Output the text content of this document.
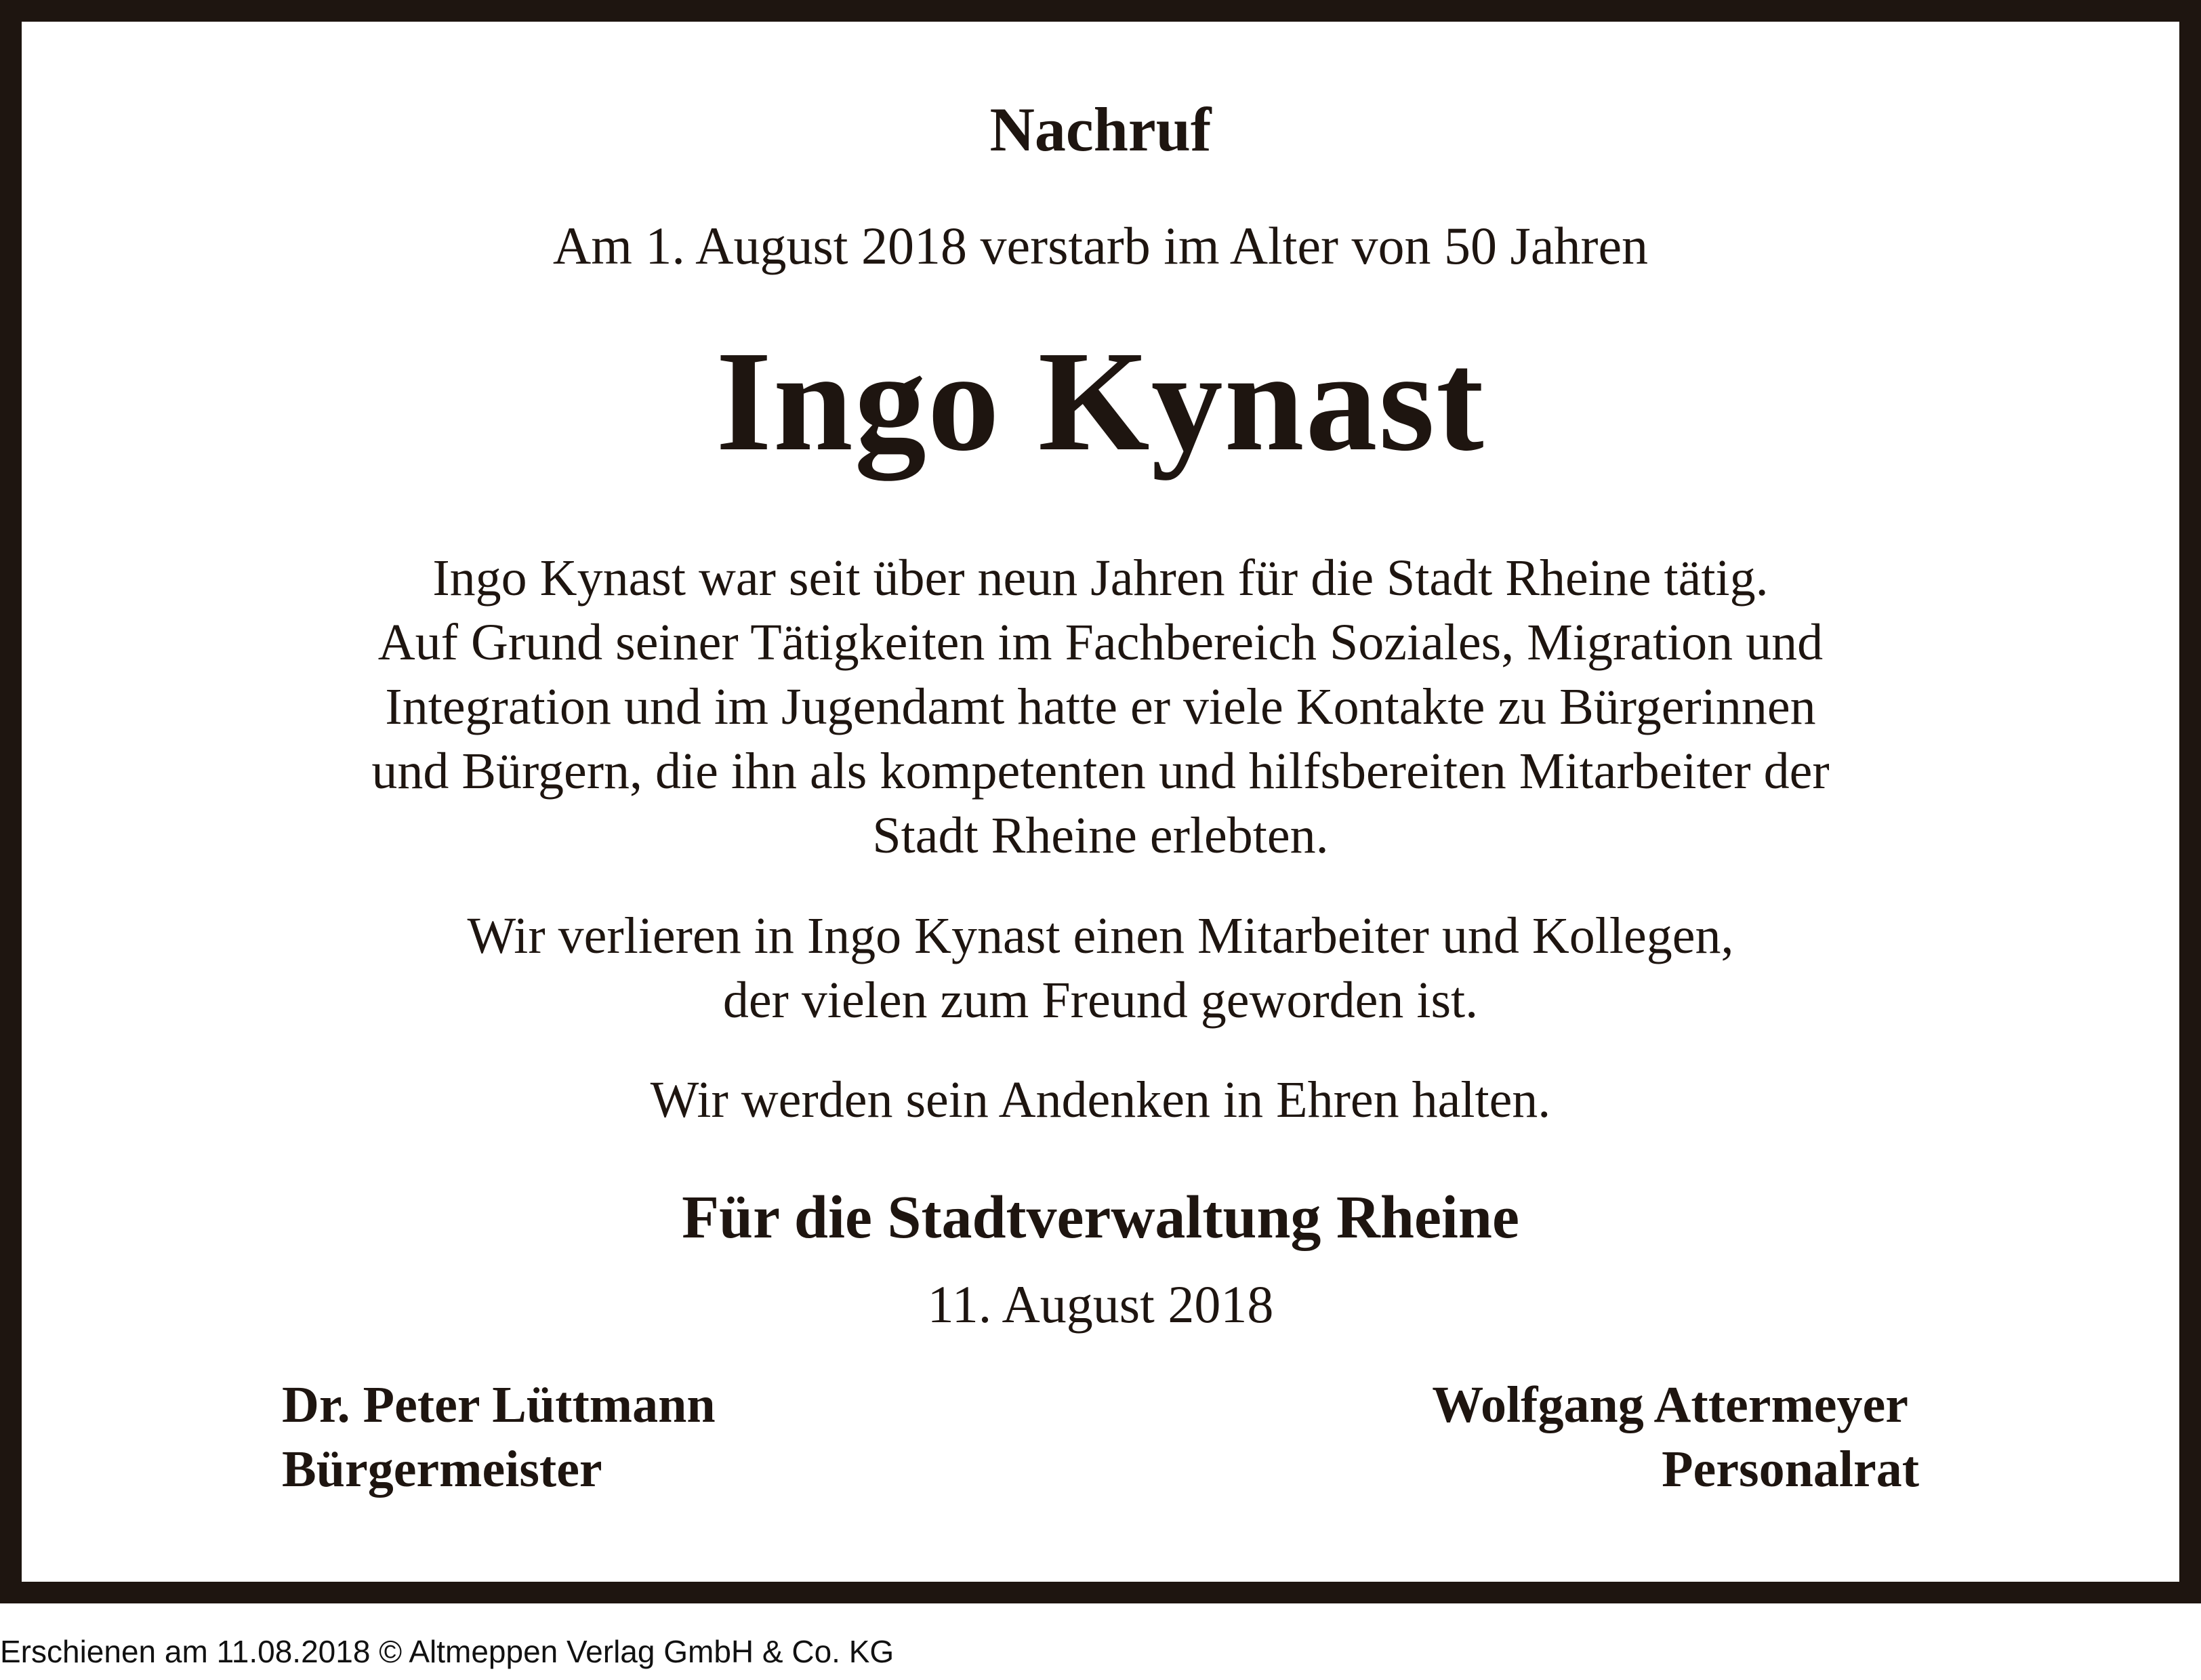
Nachruf

Am 1. August 2018 verstarb im Alter von 50 Jahren

Ingo Kynast

Ingo Kynast war seit über neun Jahren für die Stadt Rheine tätig.

Auf Grund seiner Tätigkeiten im Fachbereich Soziales, Migration und

Integration und im Jugendamt hatte er viele Kontakte zu Bürgerinnen

und Bürgern, die ihn als kompetenten und hilfsbereiten Mitarbeiter der

Stadt Rheine erlebten.

Wir verlieren in Ingo Kynast einen Mitarbeiter und Kollegen,

der vielen zum Freund geworden ist.

Wir werden sein Andenken in Ehren halten.

Für die Stadtverwaltung Rheine

11. August 2018

Dr. Peter Lüttmann

Bürgermeister

Wolfgang Attermeyer

Personalrat

Erschienen am 11.08.2018 © Altmeppen Verlag GmbH & Co. KG
